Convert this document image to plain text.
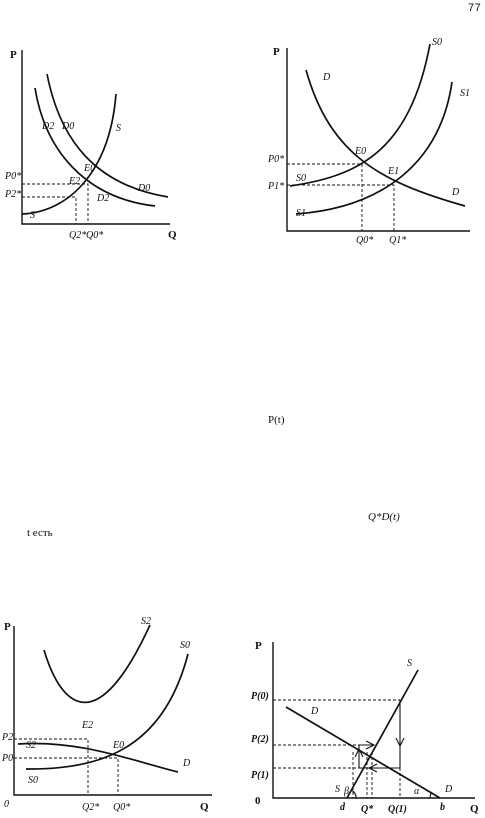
77
P(t)
Q*D(t)
t есть
P
Q
D2 D0	S
D0
D2
S
E0
E2
P0*
P2*
Q2* Q0*
P
S0
S1
D
S0
D
S1
E0
E1
P0*
P1*
Q0* Q1*
P
Q
0
S2
S0
S2
S0
D
E2
E0
P2
P0
Q2* Q0*
P
Q
0
S
D
S	D
P(0)
P(2)
P(1)
Q* Q(1)
d	b
β	α
